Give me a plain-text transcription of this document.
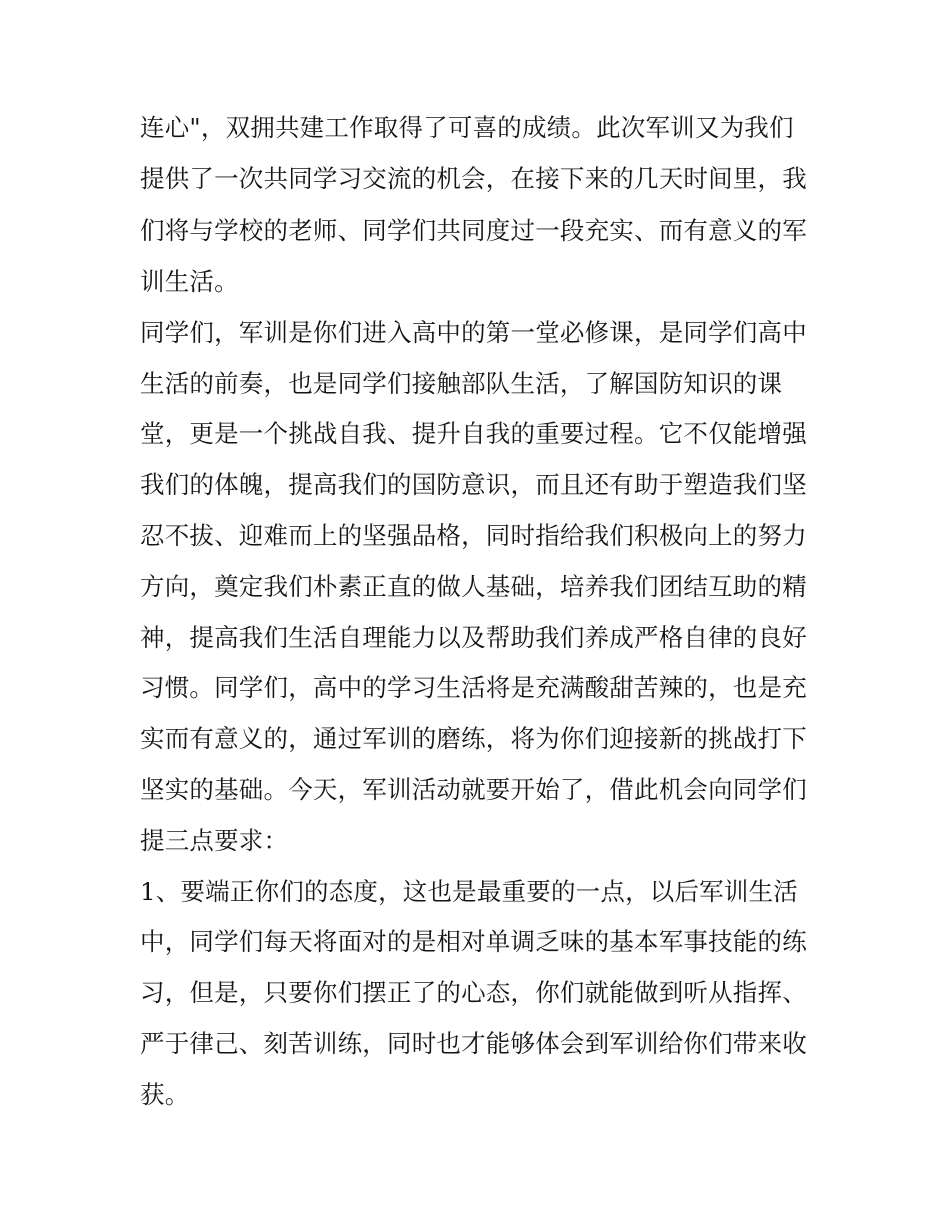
连心"，双拥共建工作取得了可喜的成绩。此次军训又为我们
提供了一次共同学习交流的机会，在接下来的几天时间里，我
们将与学校的老师、同学们共同度过一段充实、而有意义的军
训生活。
同学们，军训是你们进入高中的第一堂必修课，是同学们高中
生活的前奏，也是同学们接触部队生活，了解国防知识的课
堂，更是一个挑战自我、提升自我的重要过程。它不仅能增强
我们的体魄，提高我们的国防意识，而且还有助于塑造我们坚
忍不拔、迎难而上的坚强品格，同时指给我们积极向上的努力
方向，奠定我们朴素正直的做人基础，培养我们团结互助的精
神，提高我们生活自理能力以及帮助我们养成严格自律的良好
习惯。同学们，高中的学习生活将是充满酸甜苦辣的，也是充
实而有意义的，通过军训的磨练，将为你们迎接新的挑战打下
坚实的基础。今天，军训活动就要开始了，借此机会向同学们
提三点要求：
1、要端正你们的态度，这也是最重要的一点，以后军训生活
中，同学们每天将面对的是相对单调乏味的基本军事技能的练
习，但是，只要你们摆正了的心态，你们就能做到听从指挥、
严于律己、刻苦训练，同时也才能够体会到军训给你们带来收
获。
